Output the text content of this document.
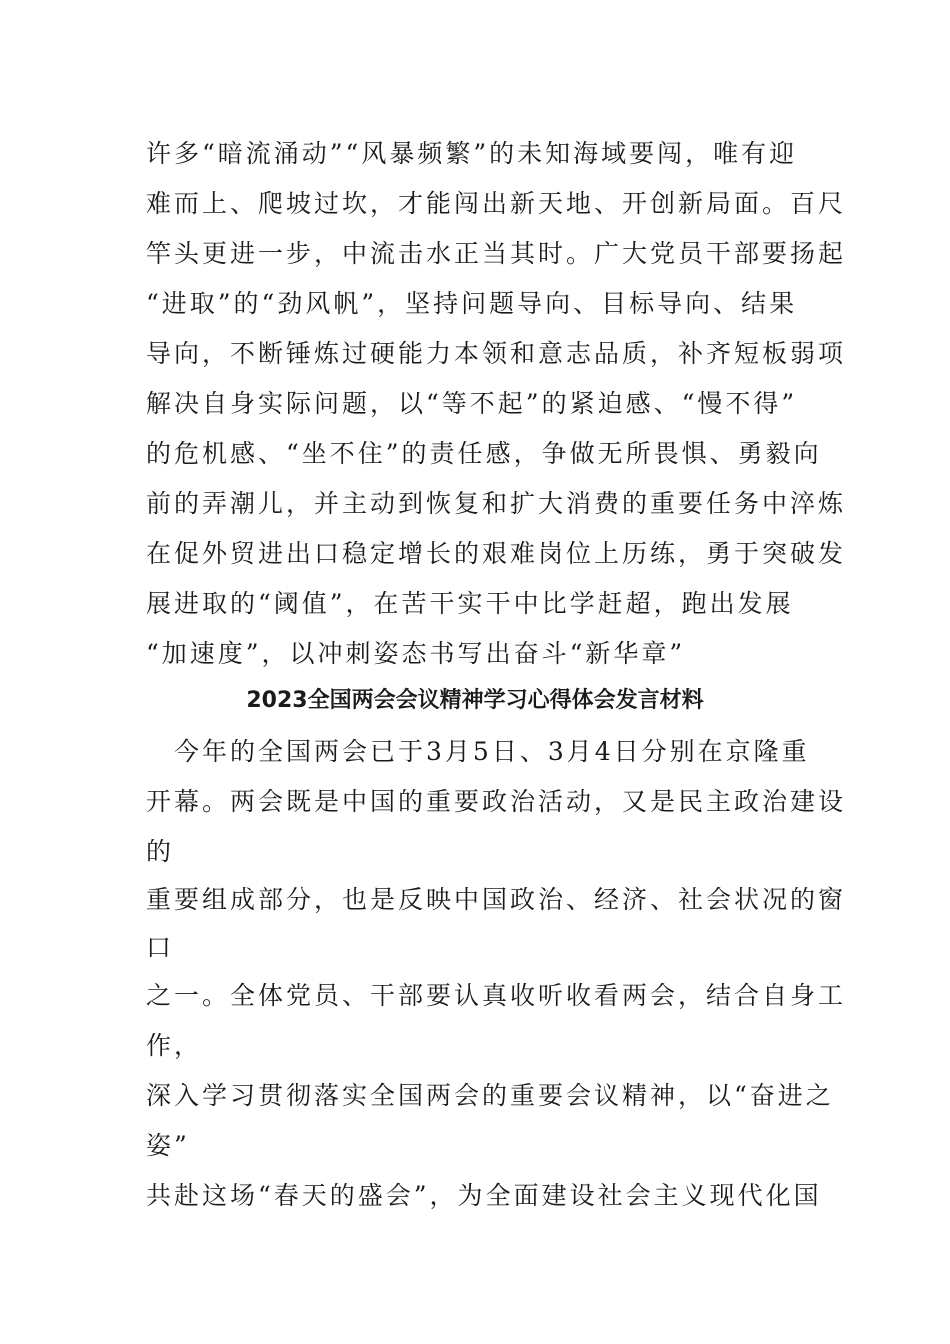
许多“暗流涌动”“风暴频繁”的未知海域要闯，唯有迎
难而上、爬坡过坎，才能闯出新天地、开创新局面。百尺
竿头更进一步，中流击水正当其时。广大党员干部要扬起
“进取”的“劲风帆”，坚持问题导向、目标导向、结果
导向，不断锤炼过硬能力本领和意志品质，补齐短板弱项
解决自身实际问题，以“等不起”的紧迫感、“慢不得”
的危机感、“坐不住”的责任感，争做无所畏惧、勇毅向
前的弄潮儿，并主动到恢复和扩大消费的重要任务中淬炼
在促外贸进出口稳定增长的艰难岗位上历练，勇于突破发
展进取的“阈值”，在苦干实干中比学赶超，跑出发展
“加速度”，以冲刺姿态书写出奋斗“新华章”
2023全国两会会议精神学习心得体会发言材料
　今年的全国两会已于3月5日、3月4日分别在京隆重
开幕。两会既是中国的重要政治活动，又是民主政治建设
的
重要组成部分，也是反映中国政治、经济、社会状况的窗
口
之一。全体党员、干部要认真收听收看两会，结合自身工
作，
深入学习贯彻落实全国两会的重要会议精神，以“奋进之
姿”
共赴这场“春天的盛会”，为全面建设社会主义现代化国
